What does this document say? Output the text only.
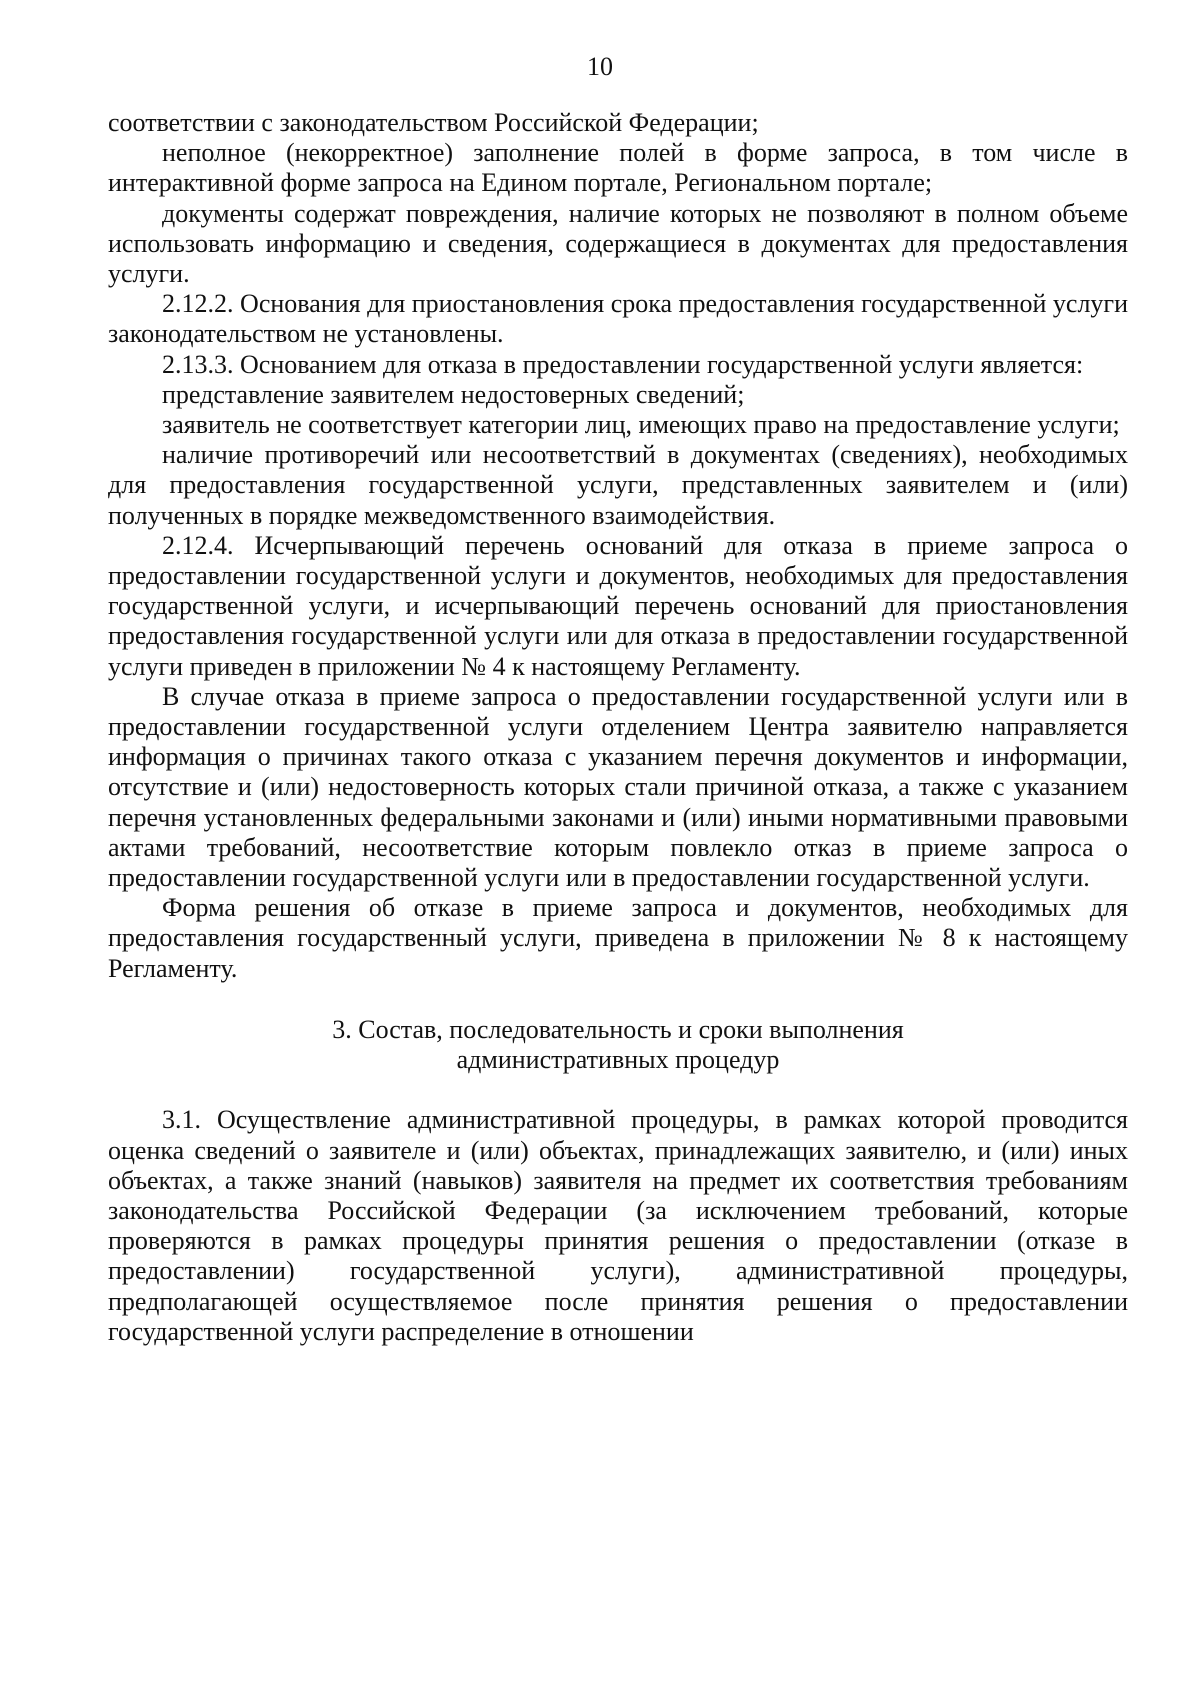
10

соответствии с законодательством Российской Федерации;

неполное (некорректное) заполнение полей в форме запроса, в том числе в интерактивной форме запроса на Едином портале, Региональном портале;

документы содержат повреждения, наличие которых не позволяют в полном объеме использовать информацию и сведения, содержащиеся в документах для предоставления услуги.

2.12.2. Основания для приостановления срока предоставления государственной услуги законодательством не установлены.

2.13.3. Основанием для отказа в предоставлении государственной услуги является:

представление заявителем недостоверных сведений;

заявитель не соответствует категории лиц, имеющих право на предоставление услуги;

наличие противоречий или несоответствий в документах (сведениях), необходимых для предоставления государственной услуги, представленных заявителем и (или) полученных в порядке межведомственного взаимодействия.

2.12.4. Исчерпывающий перечень оснований для отказа в приеме запроса о предоставлении государственной услуги и документов, необходимых для предоставления государственной услуги, и исчерпывающий перечень оснований для приостановления предоставления государственной услуги или для отказа в предоставлении государственной услуги приведен в приложении № 4 к настоящему Регламенту.

В случае отказа в приеме запроса о предоставлении государственной услуги или в предоставлении государственной услуги отделением Центра заявителю направляется информация о причинах такого отказа с указанием перечня документов и информации, отсутствие и (или) недостоверность которых стали причиной отказа, а также с указанием перечня установленных федеральными законами и (или) иными нормативными правовыми актами требований, несоответствие которым повлекло отказ в приеме запроса о предоставлении государственной услуги или в предоставлении государственной услуги.

Форма решения об отказе в приеме запроса и документов, необходимых для предоставления государственный услуги, приведена в приложении № 8 к настоящему Регламенту.

3. Состав, последовательность и сроки выполнения
административных процедур

3.1. Осуществление административной процедуры, в рамках которой проводится оценка сведений о заявителе и (или) объектах, принадлежащих заявителю, и (или) иных объектах, а также знаний (навыков) заявителя на предмет их соответствия требованиям законодательства Российской Федерации (за исключением требований, которые проверяются в рамках процедуры принятия решения о предоставлении (отказе в предоставлении) государственной услуги), административной процедуры, предполагающей осуществляемое после принятия решения о предоставлении государственной услуги распределение в отношении
